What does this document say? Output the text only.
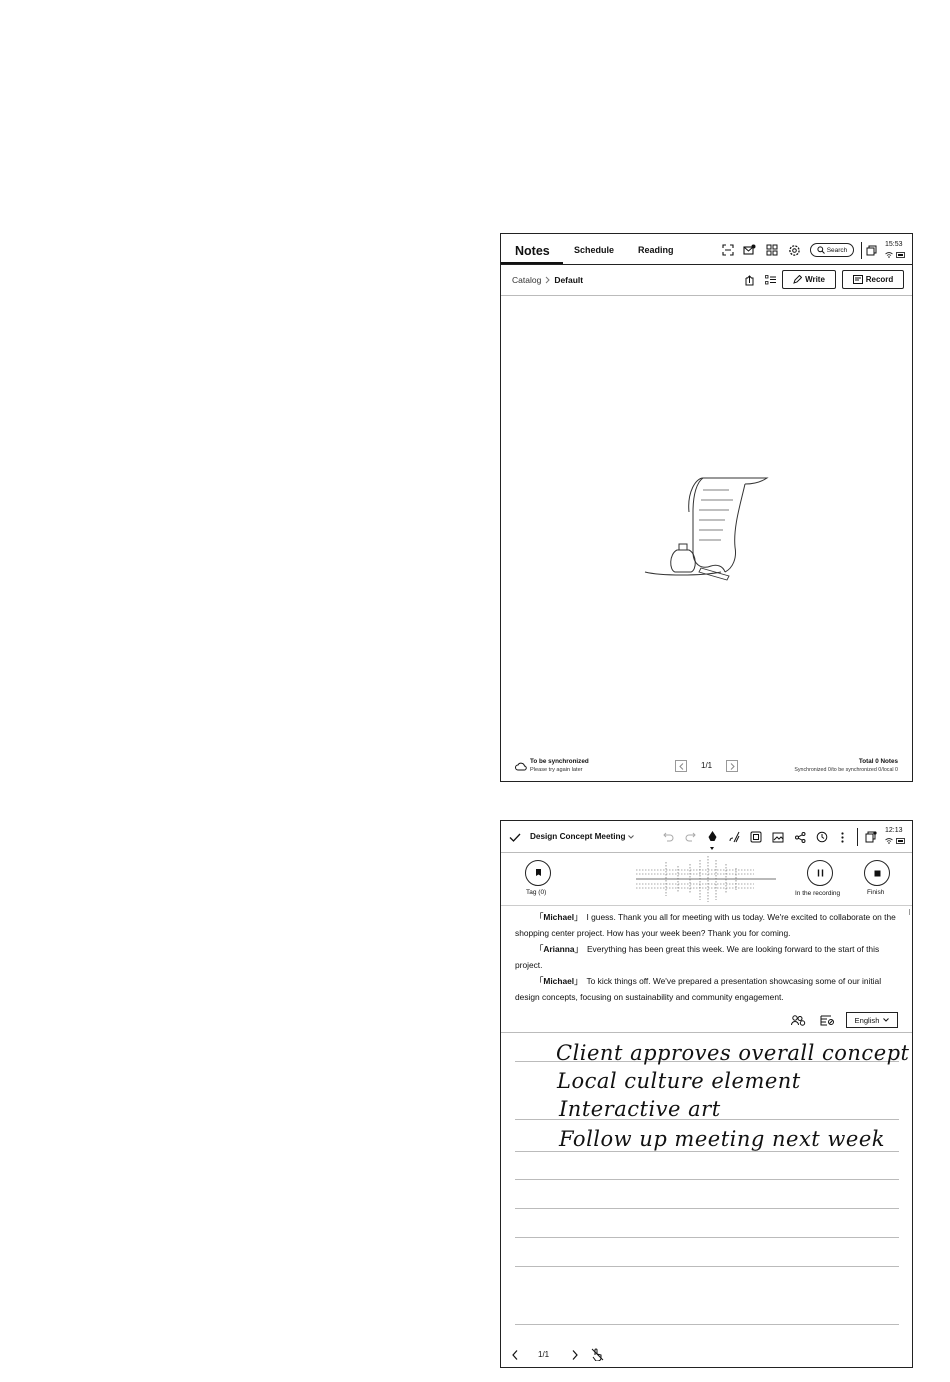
Notes	Schedule	Reading	Search
15:53
Catalog Default	Write	Record
To be synchronized
Please try again later	1/1	Total 0 Notes
Synchronized 0/to be synchronized 0/local 0
Design Concept Meeting
12:13
Tag (0)	In the recording	Finish

「Michael」 I guess. Thank you all for meeting with us today. We're excited to collaborate on the shopping center project. How has your week been? Thank you for coming.

「Arianna」 Everything has been great this week. We are looking forward to the start of this project.

「Michael」 To kick things off. We've prepared a presentation showcasing some of our initial design concepts, focusing on sustainability and community engagement.

English
Client approves overall concept
Local culture element
Interactive art
Follow up meeting next week
1/1
